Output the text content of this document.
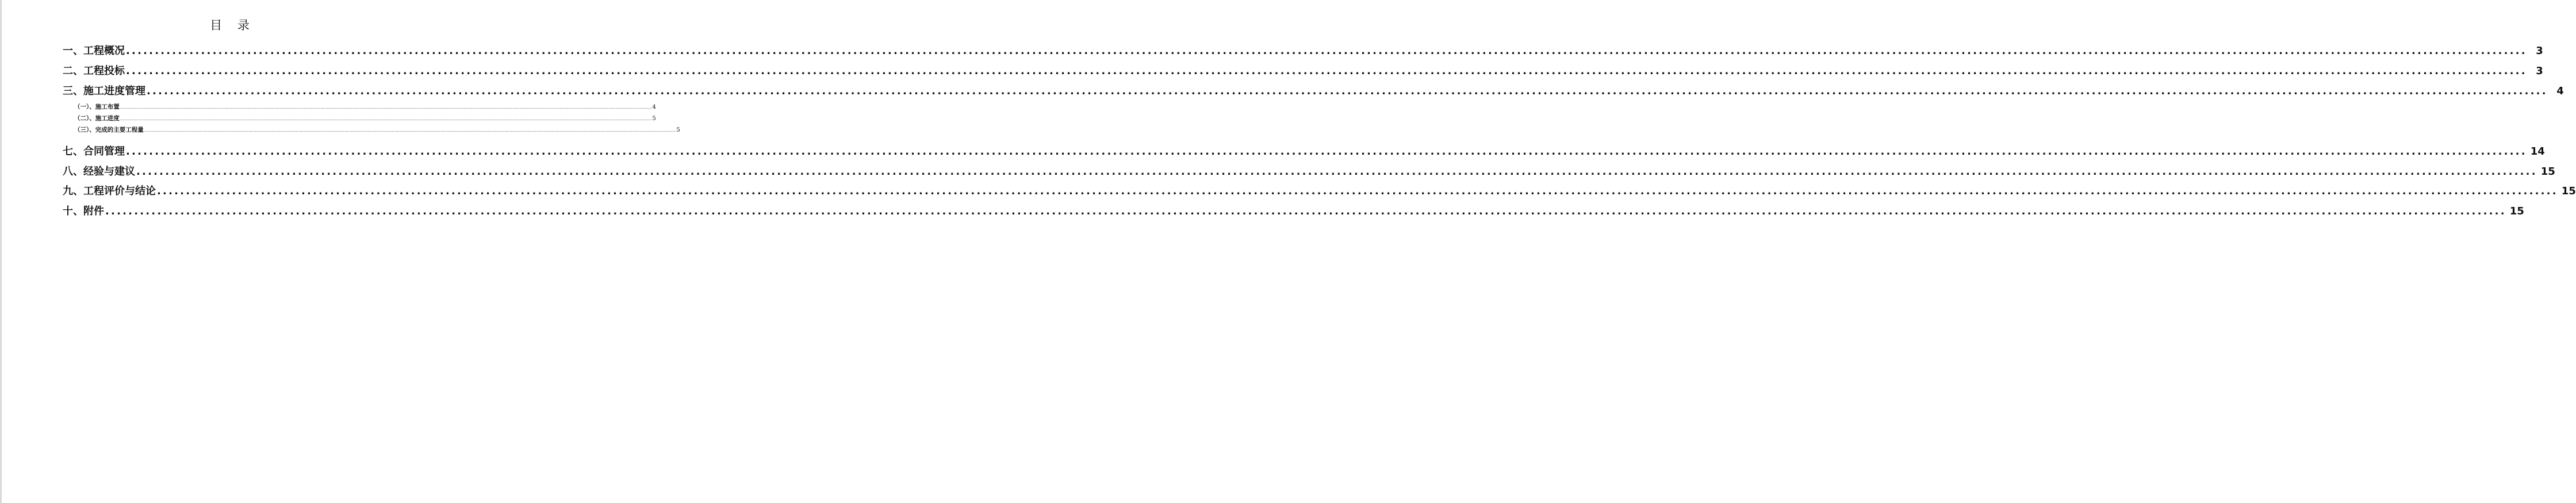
目 录
一、工程概况 ................................................................................................................................................................................................................................................................................................................................................................................................................................ 3
二、工程投标 ................................................................................................................................................................................................................................................................................................................................................................................................................................ 3
三、施工进度管理 ................................................................................................................................................................................................................................................................................................................................................................................................................................ 4
（一）、施工布置 ................................................................................................................................................................................................................................................................................................................................................................................................................................ 4
（二）、施工进度 ................................................................................................................................................................................................................................................................................................................................................................................................................................ 5
（三）、完成的主要工程量 ................................................................................................................................................................................................................................................................................................................................................................................................................................ 5
七、合同管理 ................................................................................................................................................................................................................................................................................................................................................................................................................................ 14
八、经验与建议 ................................................................................................................................................................................................................................................................................................................................................................................................................................ 15
九、工程评价与结论 ................................................................................................................................................................................................................................................................................................................................................................................................................................ 15
十、附件 ................................................................................................................................................................................................................................................................................................................................................................................................................................ 15
